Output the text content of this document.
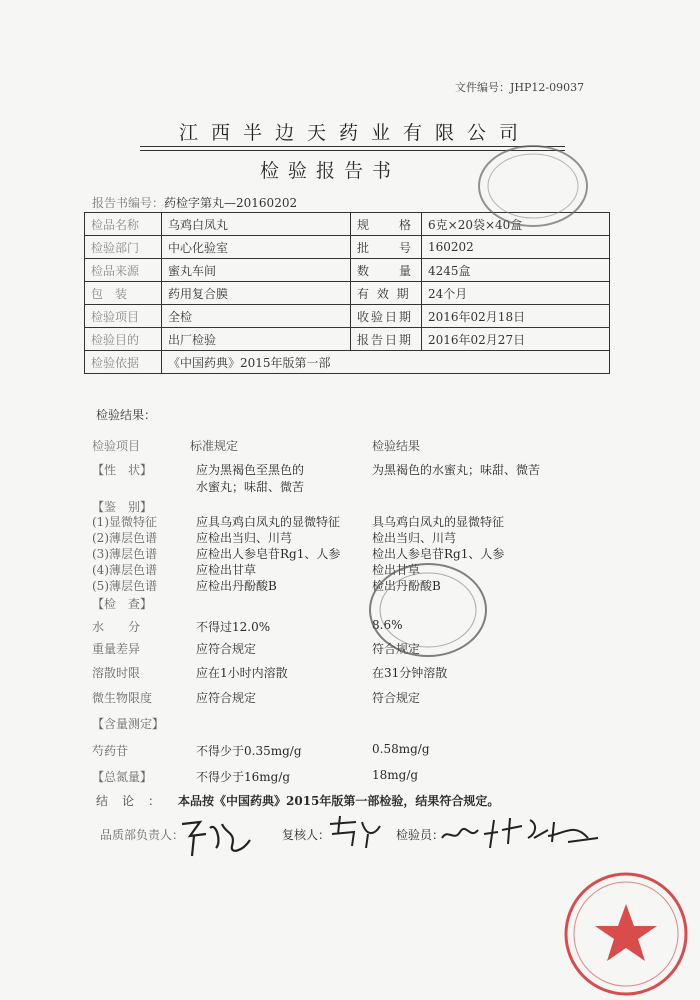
文件编号：JHP12-09037
江西半边天药业有限公司
检验报告书
报告书编号：药检字第丸—20160202
检品名称	乌鸡白凤丸	规　　格	6克×20袋×40盒
检验部门	中心化验室	批　　号	160202
检品来源	蜜丸车间	数　　量	4245盒
包　装	药用复合膜	有 效 期	24个月
检验项目	全检	收验日期	2016年02月18日
检验目的	出厂检验	报告日期	2016年02月27日
检验依据	《中国药典》2015年版第一部		
检验结果：
检验项目	标准规定	检验结果
【性　状】	应为黑褐色至黑色的	为黑褐色的水蜜丸；味甜、微苦
水蜜丸；味甜、微苦
【鉴　别】
(1)显微特征	应具乌鸡白凤丸的显微特征	具乌鸡白凤丸的显微特征
(2)薄层色谱	应检出当归、川芎	检出当归、川芎
(3)薄层色谱	应检出人参皂苷Rg1、人参	检出人参皂苷Rg1、人参
(4)薄层色谱	应检出甘草	检出甘草
(5)薄层色谱	应检出丹酚酸B	检出丹酚酸B
【检　查】
水　　分	不得过12.0%	8.6%
重量差异	应符合规定	符合规定
溶散时限	应在1小时内溶散	在31分钟溶散
微生物限度	应符合规定	符合规定
【含量测定】
芍药苷	不得少于0.35mg/g	0.58mg/g
【总氮量】	不得少于16mg/g	18mg/g
结论： 本品按《中国药典》2015年版第一部检验，结果符合规定。
品质部负责人：	复核人：	检验员：
